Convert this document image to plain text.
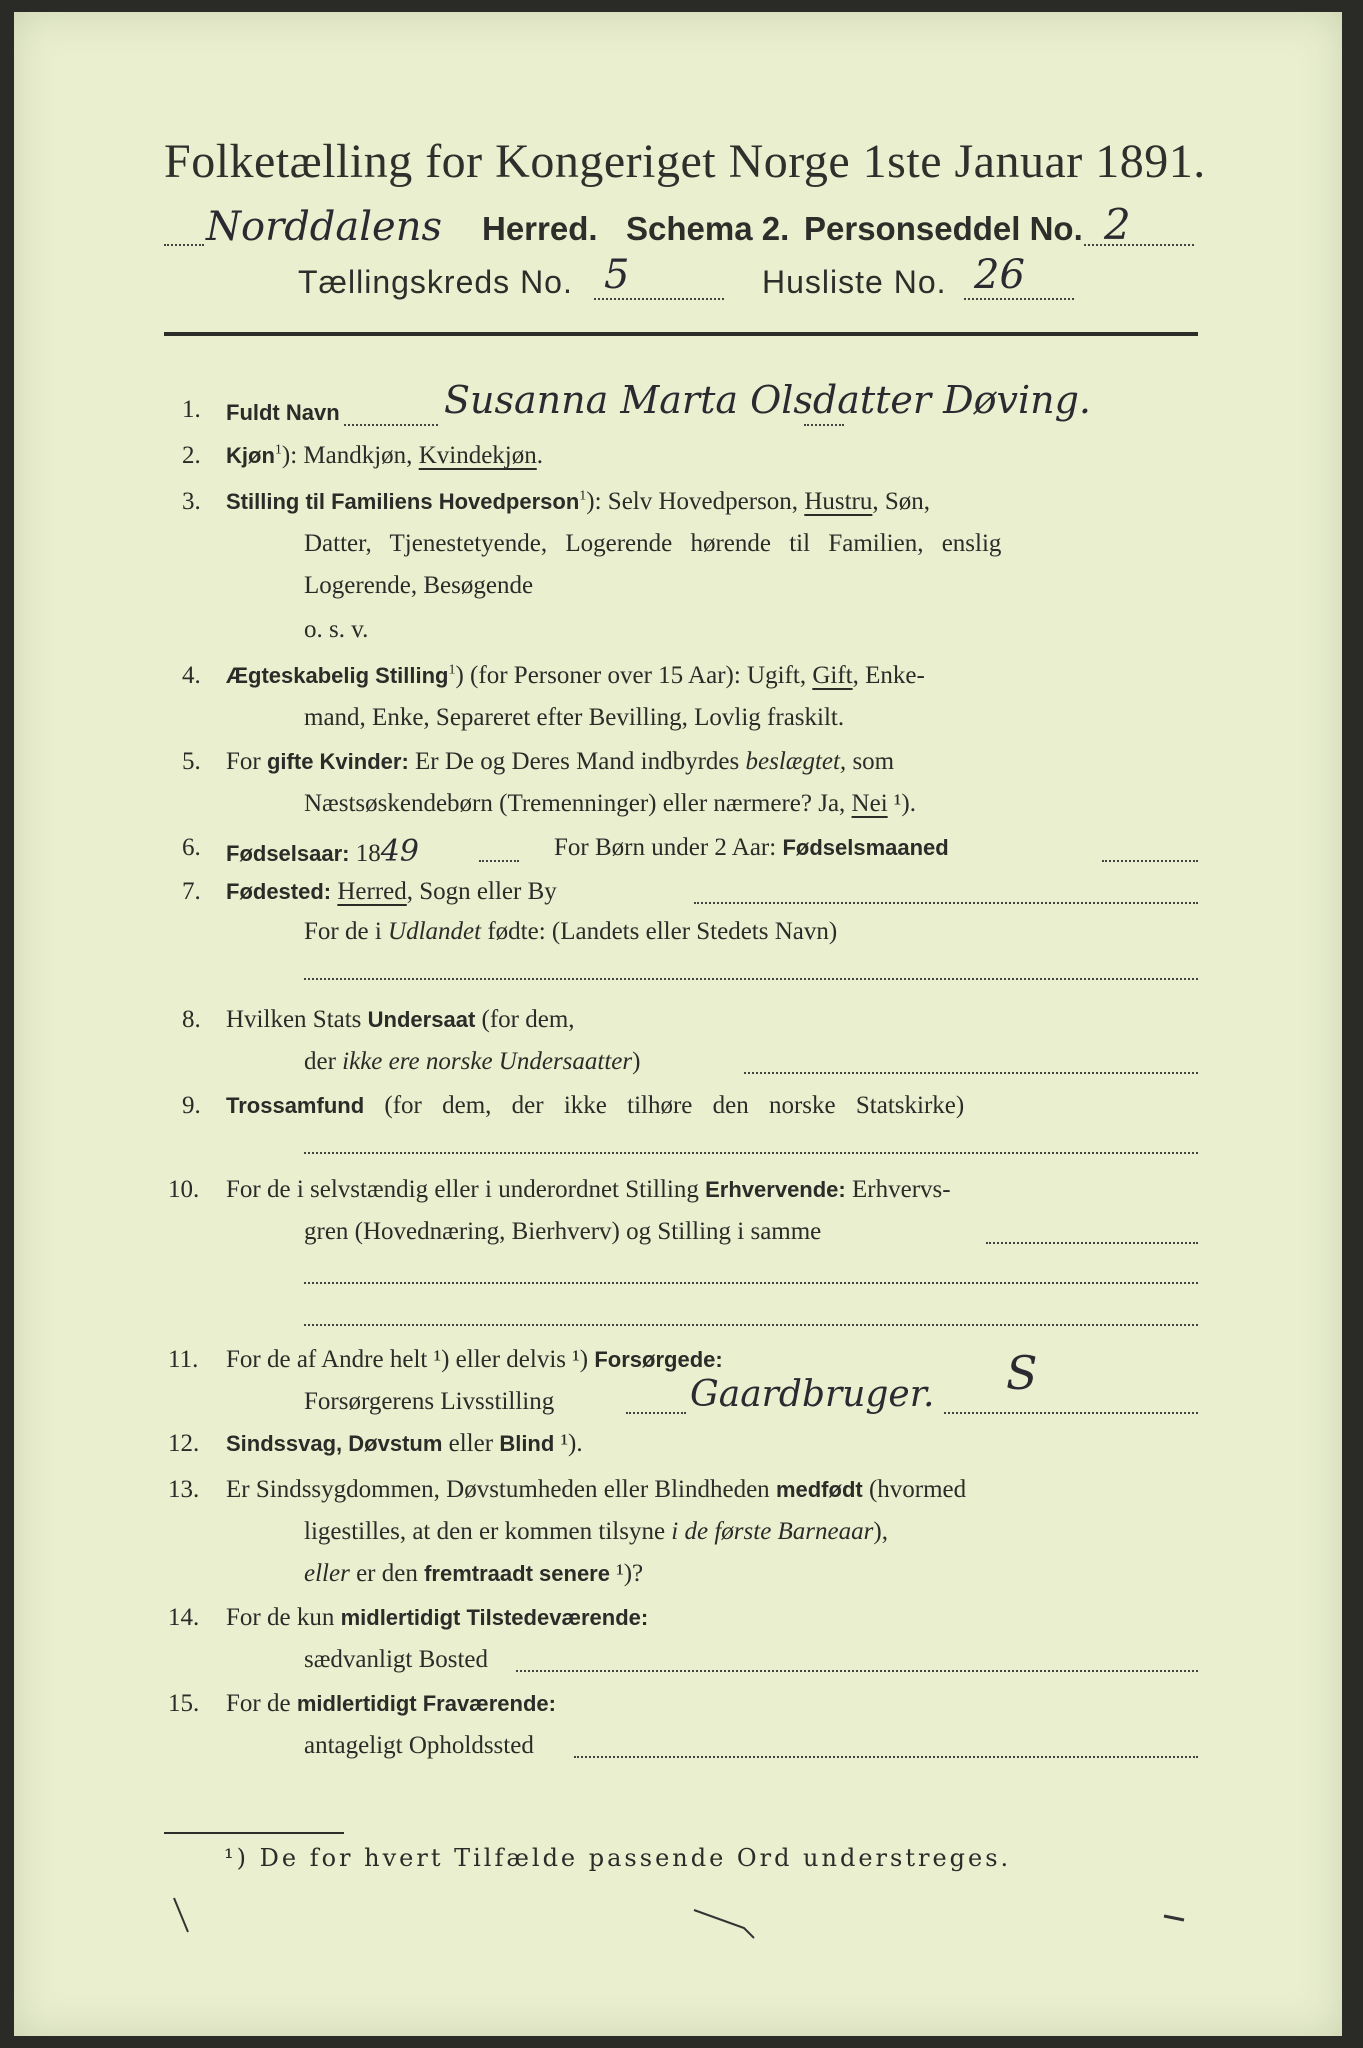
Folketælling for Kongeriget Norge 1ste Januar 1891.
Norddalens Herred. Schema 2. Personseddel No. 2
Tællingskreds No. 5	Husliste No. 26
1. Fuldt Navn	Susanna Marta Olsdatter Døving.
2. Kjøn$^1$): Mandkjøn, Kvindekjøn.
3. Stilling til Familiens Hovedperson$^1$): Selv Hovedperson, Hustru, Søn,
Datter, Tjenestetyende, Logerende hørende til Familien, enslig
Logerende, Besøgende
o. s. v.
4. Ægteskabelig Stilling$^1$) (for Personer over 15 Aar): Ugift, Gift, Enke-
mand, Enke, Separeret efter Bevilling, Lovlig fraskilt.
5. For gifte Kvinder: Er De og Deres Mand indbyrdes beslægtet, som
Næstsøskendebørn (Tremenninger) eller nærmere? Ja, Nei ¹).
6. Fødselsaar: 1849	For Børn under 2 Aar: Fødselsmaaned
7. Fødested: Herred, Sogn eller By
For de i Udlandet fødte: (Landets eller Stedets Navn)
8. Hvilken Stats Undersaat (for dem,
der ikke ere norske Undersaatter)
9. Trossamfund (for dem, der ikke tilhøre den norske Statskirke)
10. For de i selvstændig eller i underordnet Stilling Erhvervende: Erhvervs-
gren (Hovednæring, Bierhverv) og Stilling i samme
11. For de af Andre helt ¹) eller delvis ¹) Forsørgede:
Forsørgerens Livsstilling	Gaardbruger. S
12. Sindssvag, Døvstum eller Blind ¹).
13. Er Sindssygdommen, Døvstumheden eller Blindheden medfødt (hvormed
ligestilles, at den er kommen tilsyne i de første Barneaar),
eller er den fremtraadt senere ¹)?
14. For de kun midlertidigt Tilstedeværende:
sædvanligt Bosted
15. For de midlertidigt Fraværende:
antageligt Opholdssted
¹) De for hvert Tilfælde passende Ord understreges.
